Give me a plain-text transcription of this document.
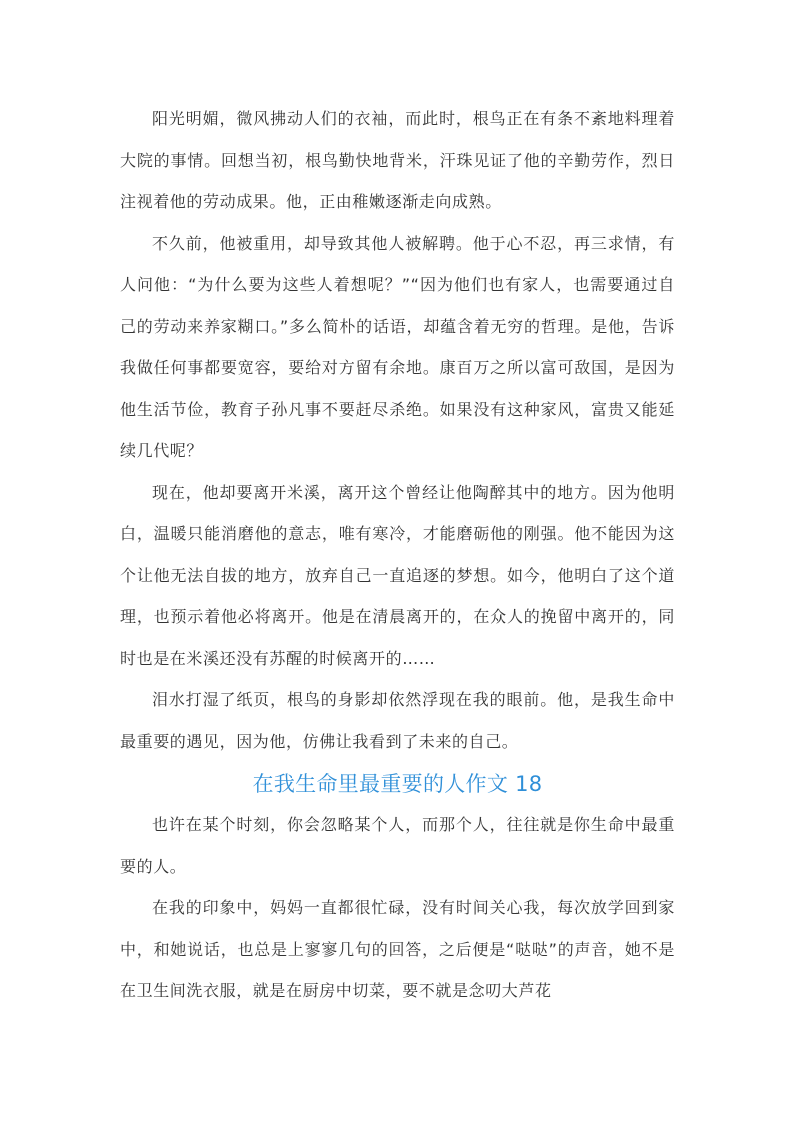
阳光明媚，微风拂动人们的衣袖，而此时，根鸟正在有条不紊地料理着大院的事情。回想当初，根鸟勤快地背米，汗珠见证了他的辛勤劳作，烈日注视着他的劳动成果。他，正由稚嫩逐渐走向成熟。

不久前，他被重用，却导致其他人被解聘。他于心不忍，再三求情，有人问他：“为什么要为这些人着想呢？”“因为他们也有家人，也需要通过自己的劳动来养家糊口。”多么简朴的话语，却蕴含着无穷的哲理。是他，告诉我做任何事都要宽容，要给对方留有余地。康百万之所以富可敌国，是因为他生活节俭，教育子孙凡事不要赶尽杀绝。如果没有这种家风，富贵又能延续几代呢？

现在，他却要离开米溪，离开这个曾经让他陶醉其中的地方。因为他明白，温暖只能消磨他的意志，唯有寒冷，才能磨砺他的刚强。他不能因为这个让他无法自拔的地方，放弃自己一直追逐的梦想。如今，他明白了这个道理，也预示着他必将离开。他是在清晨离开的，在众人的挽留中离开的，同时也是在米溪还没有苏醒的时候离开的……

泪水打湿了纸页，根鸟的身影却依然浮现在我的眼前。他，是我生命中最重要的遇见，因为他，仿佛让我看到了未来的自己。

在我生命里最重要的人作文 18

也许在某个时刻，你会忽略某个人，而那个人，往往就是你生命中最重要的人。

在我的印象中，妈妈一直都很忙碌，没有时间关心我，每次放学回到家中，和她说话，也总是上寥寥几句的回答，之后便是“哒哒”的声音，她不是在卫生间洗衣服，就是在厨房中切菜，要不就是念叨大芦花
